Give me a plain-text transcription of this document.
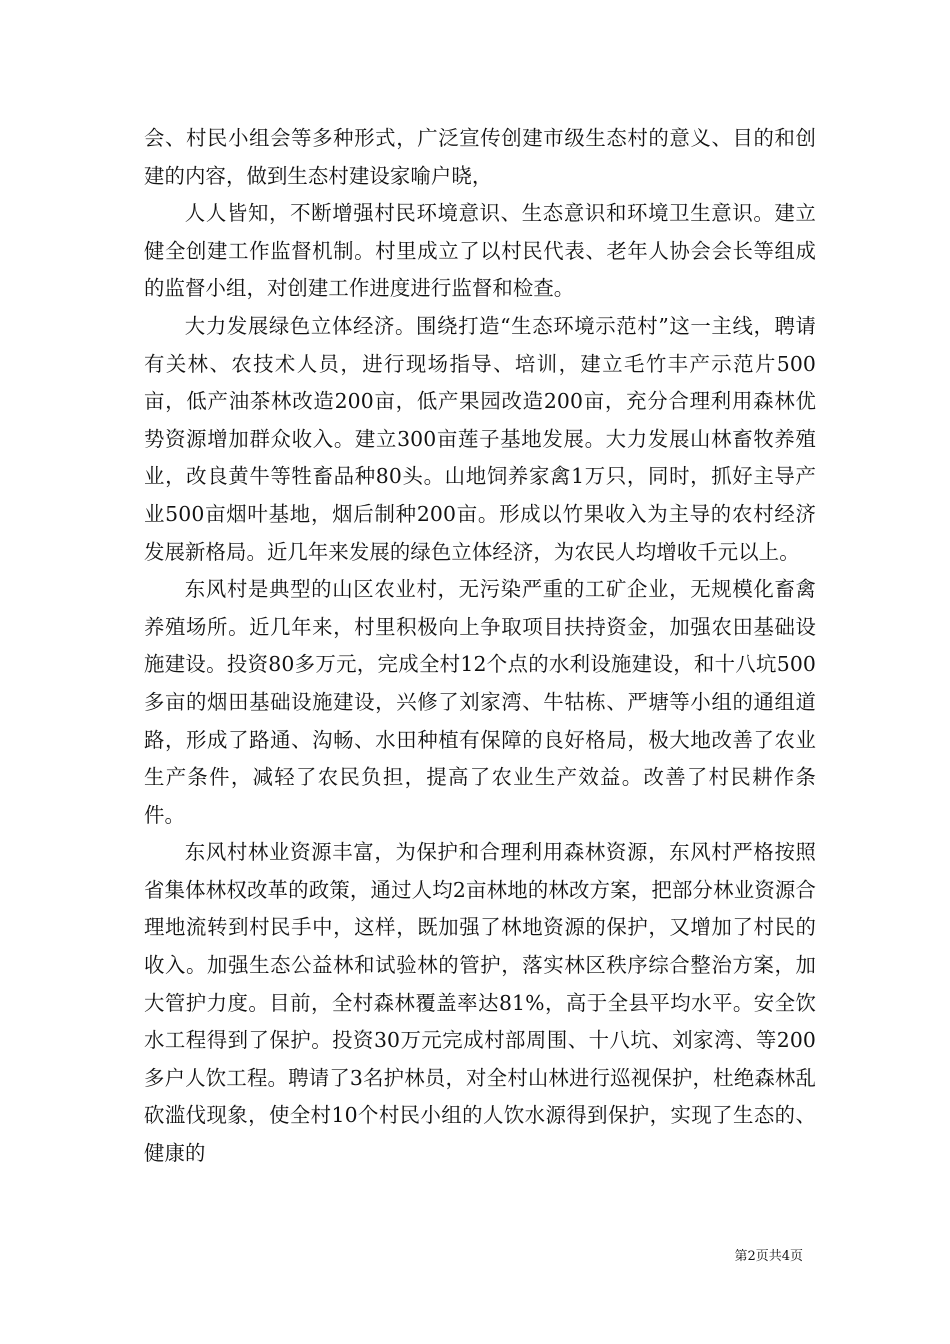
会、村民小组会等多种形式，广泛宣传创建市级生态村的意义、目的和创建的内容，做到生态村建设家喻户晓，

人人皆知，不断增强村民环境意识、生态意识和环境卫生意识。建立健全创建工作监督机制。村里成立了以村民代表、老年人协会会长等组成的监督小组，对创建工作进度进行监督和检查。

大力发展绿色立体经济。围绕打造“生态环境示范村”这一主线，聘请有关林、农技术人员，进行现场指导、培训，建立毛竹丰产示范片500亩，低产油茶林改造200亩，低产果园改造200亩，充分合理利用森林优势资源增加群众收入。建立300亩莲子基地发展。大力发展山林畜牧养殖业，改良黄牛等牲畜品种80头。山地饲养家禽1万只，同时，抓好主导产业500亩烟叶基地，烟后制种200亩。形成以竹果收入为主导的农村经济发展新格局。近几年来发展的绿色立体经济，为农民人均增收千元以上。

东风村是典型的山区农业村，无污染严重的工矿企业，无规模化畜禽养殖场所。近几年来，村里积极向上争取项目扶持资金，加强农田基础设施建设。投资80多万元，完成全村12个点的水利设施建设，和十八坑500多亩的烟田基础设施建设，兴修了刘家湾、牛牯栋、严塘等小组的通组道路，形成了路通、沟畅、水田种植有保障的良好格局，极大地改善了农业生产条件，减轻了农民负担，提高了农业生产效益。改善了村民耕作条件。

东风村林业资源丰富，为保护和合理利用森林资源，东风村严格按照省集体林权改革的政策，通过人均2亩林地的林改方案，把部分林业资源合理地流转到村民手中，这样，既加强了林地资源的保护，又增加了村民的收入。加强生态公益林和试验林的管护，落实林区秩序综合整治方案，加大管护力度。目前，全村森林覆盖率达81%，高于全县平均水平。安全饮水工程得到了保护。投资30万元完成村部周围、十八坑、刘家湾、等200多户人饮工程。聘请了3名护林员，对全村山林进行巡视保护，杜绝森林乱砍滥伐现象，使全村10个村民小组的人饮水源得到保护，实现了生态的、健康的

第2页共4页
